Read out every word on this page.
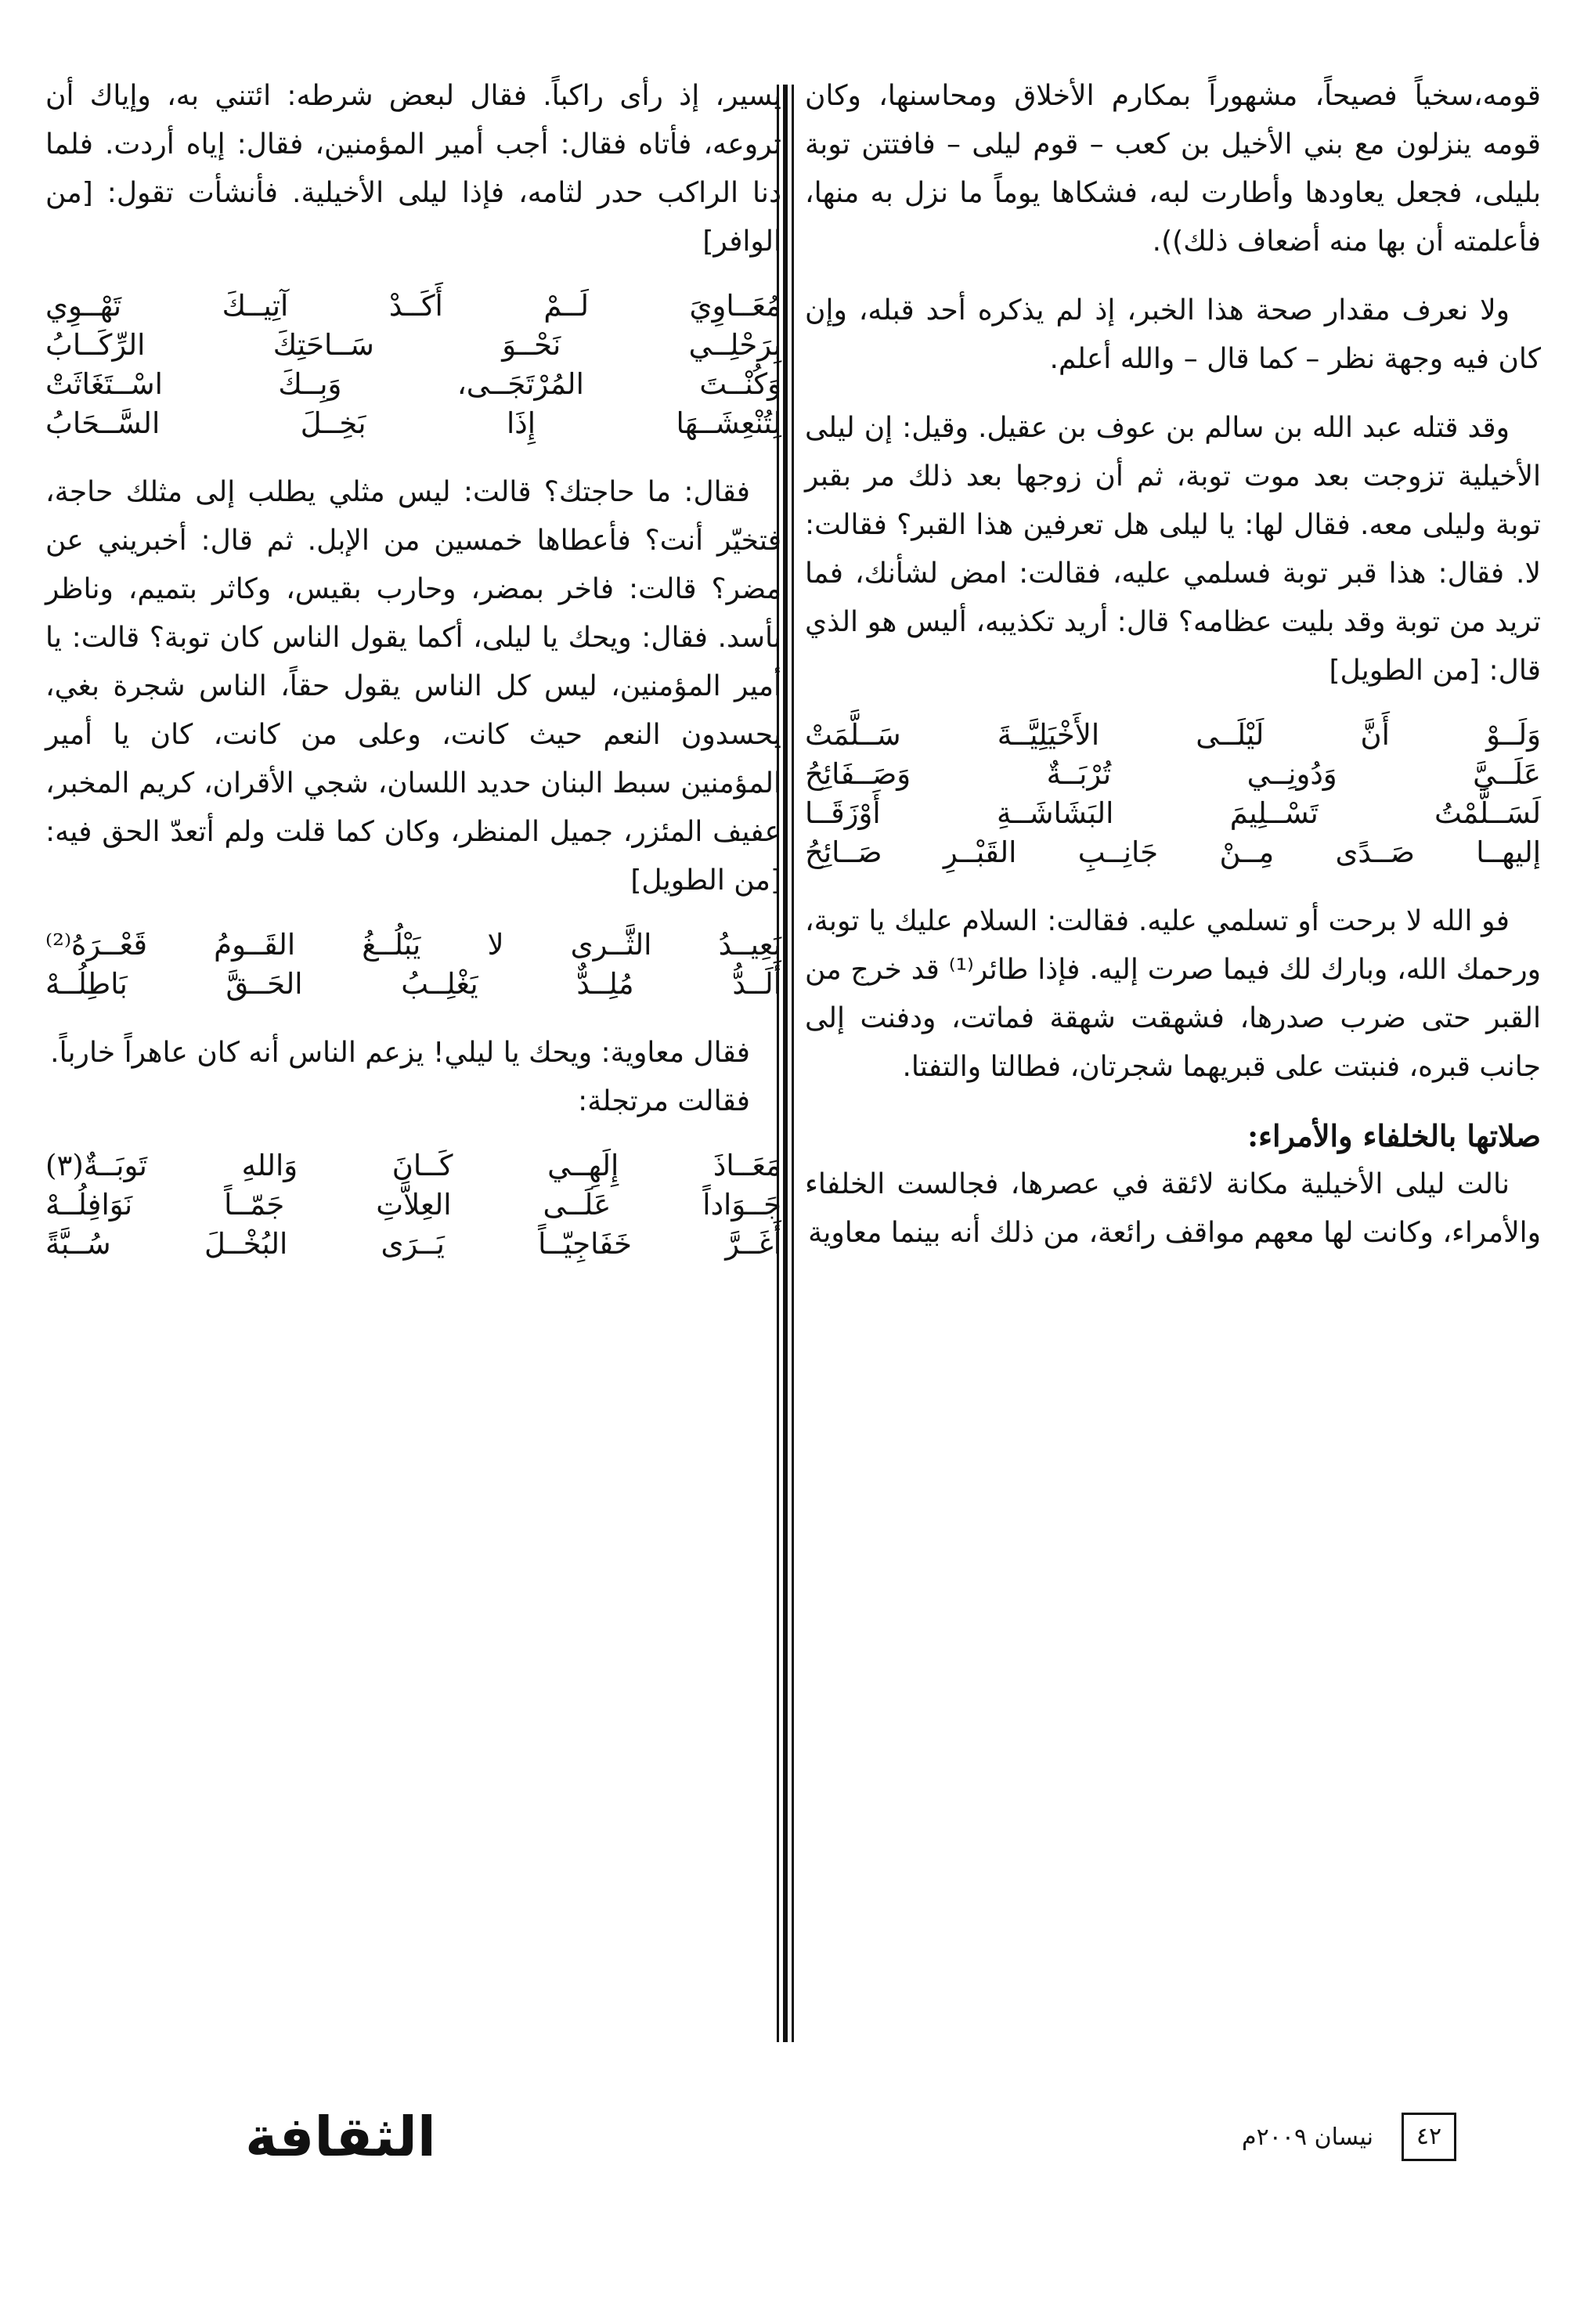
قومه،سخياً فصيحاً، مشهوراً بمكارم الأخلاق ومحاسنها، وكان قومه ينزلون مع بني الأخيل بن كعب – قوم ليلى – فافتتن توبة بليلى، فجعل يعاودها وأطارت لبه، فشكاها يوماً ما نزل به منها، فأعلمته أن بها منه أضعاف ذلك)).

ولا نعرف مقدار صحة هذا الخبر، إذ لم يذكره أحد قبله، وإن كان فيه وجهة نظر – كما قال – والله أعلم.

وقد قتله عبد الله بن سالم بن عوف بن عقيل. وقيل: إن ليلى الأخيلية تزوجت بعد موت توبة، ثم أن زوجها بعد ذلك مر بقبر توبة وليلى معه. فقال لها: يا ليلى هل تعرفين هذا القبر؟ فقالت: لا. فقال: هذا قبر توبة فسلمي عليه، فقالت: امض لشأنك، فما تريد من توبة وقد بليت عظامه؟ قال: أريد تكذيبه، أليس هو الذي قال: [من الطويل]

وَلَــوْ أَنَّ لَيْلَــى الأَخْيَلِيَّــةَ سَــلَّمَتْ
عَلَــيَّ وَدُونِــي تُرْبَــةٌ وَصَــفَائِحُ
لَسَــلَّمْتُ تَسْــلِيمَ البَشَاشَــةِ أَوْزَقَــا
إليهــا صَــدًى مِــنْ جَانِــبِ القَبْــرِ صَــائِحُ

فو الله لا برحت أو تسلمي عليه. فقالت: السلام عليك يا توبة، ورحمك الله، وبارك لك فيما صرت إليه. فإذا طائر⁽¹⁾ قد خرج من القبر حتى ضرب صدرها، فشهقت شهقة فماتت، ودفنت إلى جانب قبره، فنبتت على قبريهما شجرتان، فطالتا والتفتا.

صلاتها بالخلفاء والأمراء:

نالت ليلى الأخيلية مكانة لائقة في عصرها، فجالست الخلفاء والأمراء، وكانت لها معهم مواقف رائعة، من ذلك أنه بينما معاوية

يسير، إذ رأى راكباً. فقال لبعض شرطه: ائتني به، وإياك أن تروعه، فأتاه فقال: أجب أمير المؤمنين، فقال: إياه أردت. فلما دنا الراكب حدر لثامه، فإذا ليلى الأخيلية. فأنشأت تقول: [من الوافر]

مُعَــاوِيَ لَــمْ أَكَــدْ آتِيــكَ تَهْــوِي
بِرَحْلِــي نَحْــوَ سَــاحَتِكَ الرِّكَــابُ
وَكُنْــتَ المُرْتَجَــى، وَبِــكَ اسْــتَغَاثَتْ
لِتُنْعِشَــهَا إِذَا بَخِــلَ السَّــحَابُ

فقال: ما حاجتك؟ قالت: ليس مثلي يطلب إلى مثلك حاجة، فتخيّر أنت؟ فأعطاها خمسين من الإبل. ثم قال: أخبريني عن مضر؟ قالت: فاخر بمضر، وحارب بقيس، وكاثر بتميم، وناظر بأسد. فقال: ويحك يا ليلى، أكما يقول الناس كان توبة؟ قالت: يا أمير المؤمنين، ليس كل الناس يقول حقاً، الناس شجرة بغي، يحسدون النعم حيث كانت، وعلى من كانت، كان يا أمير المؤمنين سبط البنان حديد اللسان، شجي الأقران، كريم المخبر، عفيف المئزر، جميل المنظر، وكان كما قلت ولم أتعدّ الحق فيه: [من الطويل]

بَعِيــدُ الثَّــرى لا يَبْلُــغُ القَــومُ قَعْــرَهُ⁽²⁾
أَلَــدُّ مُلِــدٌّ يَغْلِــبُ الحَــقَّ بَاطِلُــهْ

فقال معاوية: ويحك يا ليلي! يزعم الناس أنه كان عاهراً خارباً.

فقالت مرتجلة:

مَعَــاذَ إِلَهِــي كَــانَ وَاللهِ تَوبَــةٌ(٣)
جَــوَاداً عَلَــى العِلاَّتِ جَمّــاً نَوَافِلُــهْ
أَغَــرَّ خَفَاجِيّــاً يَــرَى البُخْــلَ سُــبَّةً
الثقافة	نيسان ٢٠٠٩م	٤٢
